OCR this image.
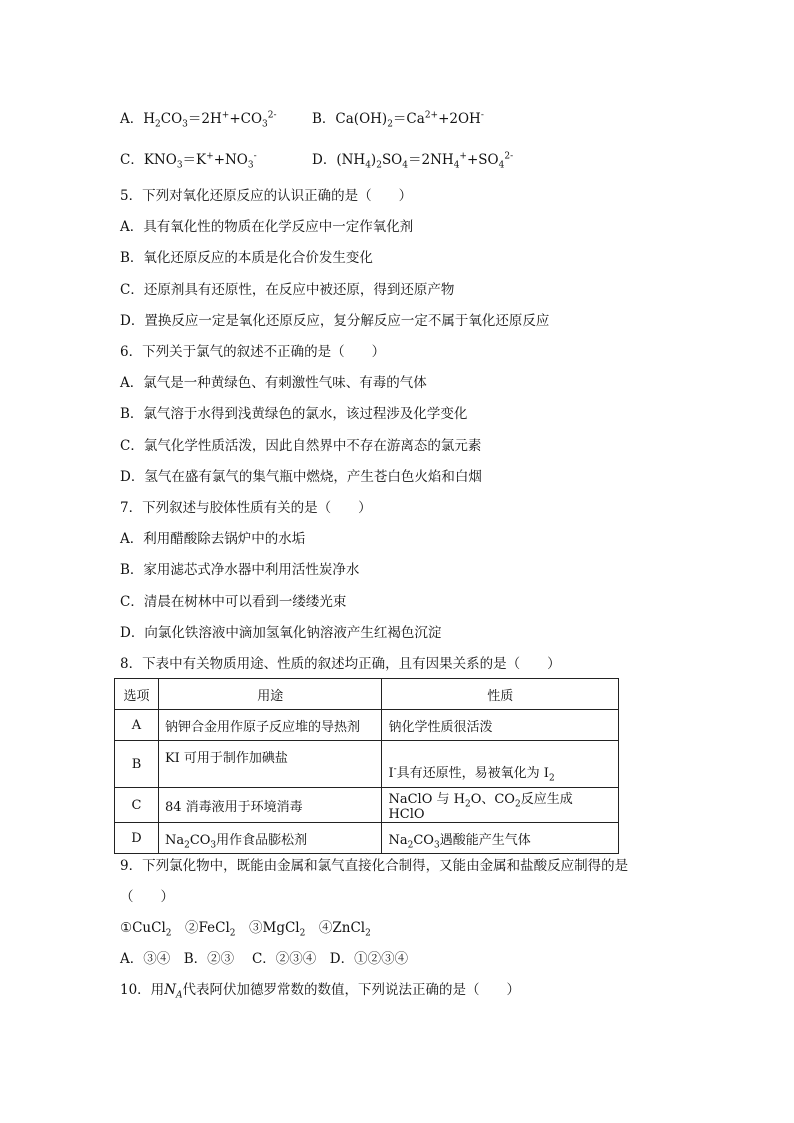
A．$H_2CO_3=2H^++CO_3^{2-}$	B．$Ca(OH)_2=Ca^{2+}+2OH^-$
C．$KNO_3=K^++NO_3^-$	D．$(NH_4)_2SO_4=2NH_4^++SO_4^{2-}$
5．下列对氧化还原反应的认识正确的是（　　）
A．具有氧化性的物质在化学反应中一定作氧化剂
B．氧化还原反应的本质是化合价发生变化
C．还原剂具有还原性，在反应中被还原，得到还原产物
D．置换反应一定是氧化还原反应，复分解反应一定不属于氧化还原反应
6．下列关于氯气的叙述不正确的是（　　）
A．氯气是一种黄绿色、有刺激性气味、有毒的气体
B．氯气溶于水得到浅黄绿色的氯水，该过程涉及化学变化
C．氯气化学性质活泼，因此自然界中不存在游离态的氯元素
D．氢气在盛有氯气的集气瓶中燃烧，产生苍白色火焰和白烟
7．下列叙述与胶体性质有关的是（　　）
A．利用醋酸除去锅炉中的水垢
B．家用滤芯式净水器中利用活性炭净水
C．清晨在树林中可以看到一缕缕光束
D．向氯化铁溶液中滴加氢氧化钠溶液产生红褐色沉淀
8．下表中有关物质用途、性质的叙述均正确，且有因果关系的是（　　）
选项	用途	性质
A	钠钾合金用作原子反应堆的导热剂	钠化学性质很活泼
B	KI 可用于制作加碘盐	I-具有还原性，易被氧化为 $I_2$
C	84 消毒液用于环境消毒	NaClO 与 $H_2O$、$CO_2$反应生成 HClO
D	$Na_2CO_3$用作食品膨松剂	$Na_2CO_3$遇酸能产生气体
9．下列氯化物中，既能由金属和氯气直接化合制得，又能由金属和盐酸反应制得的是
（　　）
①CuCl$_2$　②FeCl$_2$　③MgCl$_2$　④ZnCl$_2$
A．③④　B．②③　 C．②③④　D．①②③④
10．用$N_A$代表阿伏加德罗常数的数值，下列说法正确的是（　　）
